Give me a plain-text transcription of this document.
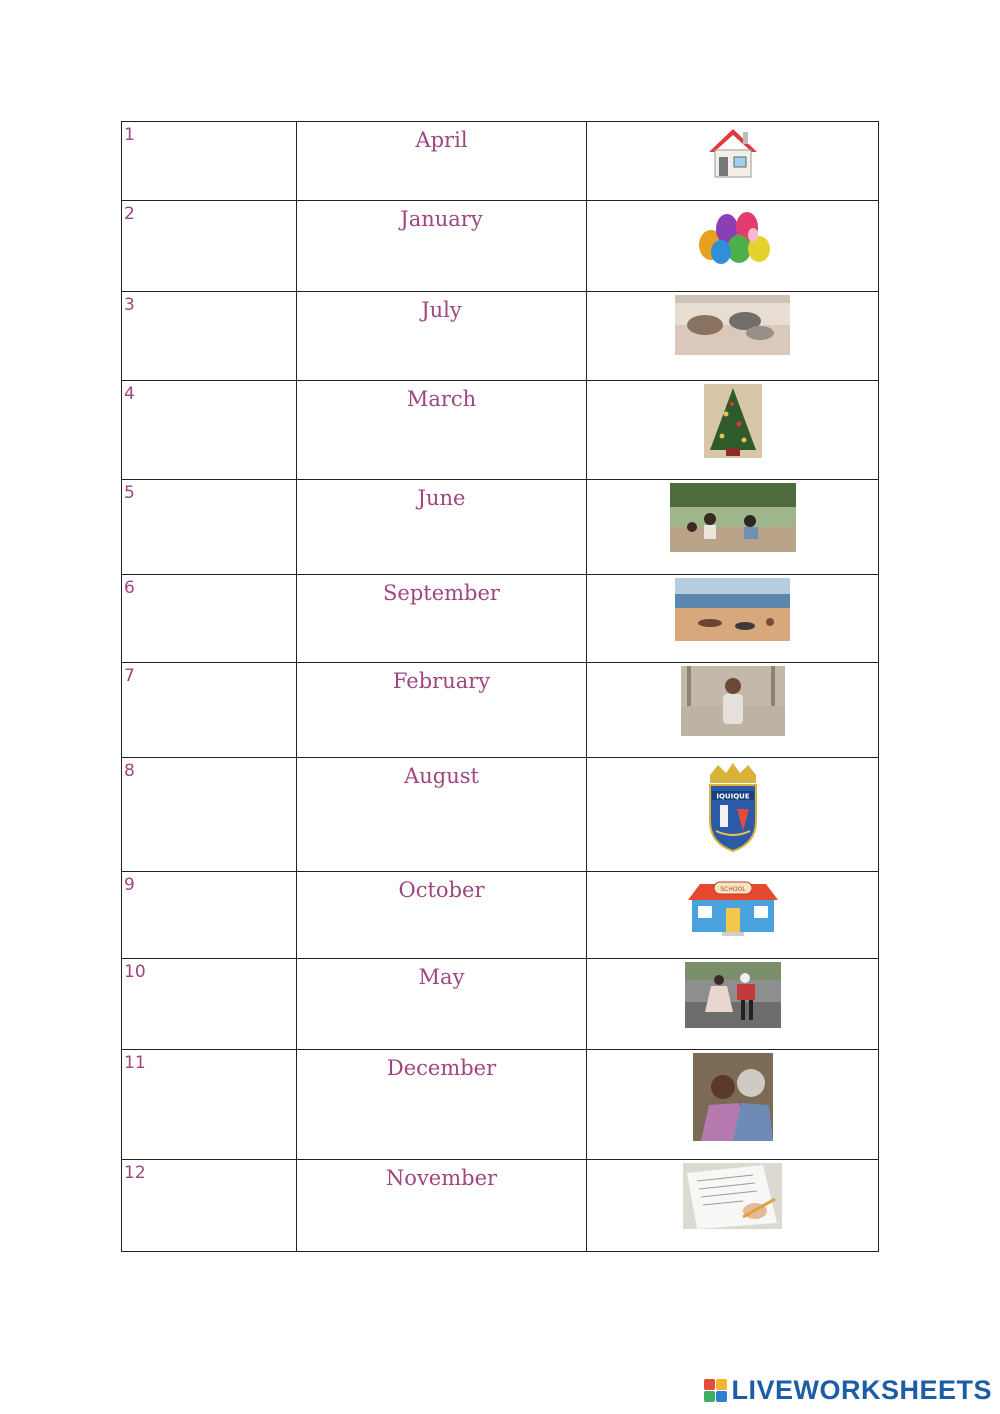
1	April

2	January

3	July

4	March

5	June

6	September

7	February

8	August	IQUIQUE

9	October	SCHOOL

10	May

11	December

12	November

LIVEWORKSHEETS
